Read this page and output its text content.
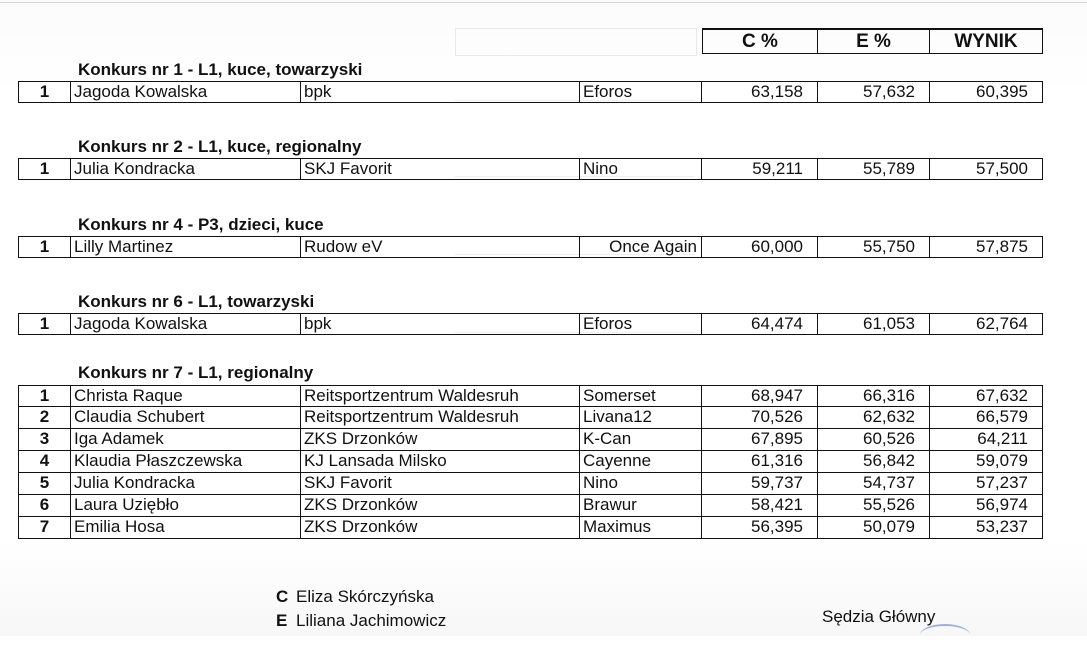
C %	E %	WYNIK
Konkurs nr 1 - L1, kuce, towarzyski
1	Jagoda Kowalska	bpk	Eforos	63,158	57,632	60,395
Konkurs nr 2 - L1, kuce, regionalny
1	Julia Kondracka	SKJ Favorit	Nino	59,211	55,789	57,500
Konkurs nr 4 - P3, dzieci, kuce
1	Lilly Martinez	Rudow eV	Once Again	60,000	55,750	57,875
Konkurs nr 6 - L1, towarzyski
1	Jagoda Kowalska	bpk	Eforos	64,474	61,053	62,764
Konkurs nr 7 - L1, regionalny
1	Christa Raque	Reitsportzentrum Waldesruh	Somerset	68,947	66,316	67,632
2	Claudia Schubert	Reitsportzentrum Waldesruh	Livana12	70,526	62,632	66,579
3	Iga Adamek	ZKS Drzonków	K-Can	67,895	60,526	64,211
4	Klaudia Płaszczewska	KJ Lansada Milsko	Cayenne	61,316	56,842	59,079
5	Julia Kondracka	SKJ Favorit	Nino	59,737	54,737	57,237
6	Laura Uziębło	ZKS Drzonków	Brawur	58,421	55,526	56,974
7	Emilia Hosa	ZKS Drzonków	Maximus	56,395	50,079	53,237
C Eliza Skórczyńska
E Liliana Jachimowicz	Sędzia Główny
